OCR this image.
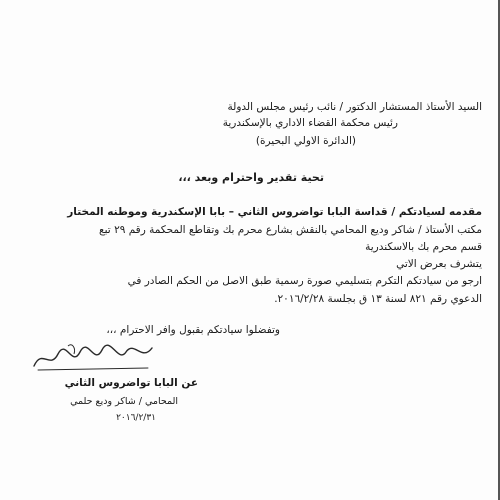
السيد الأستاذ المستشار الدكتور / نائب رئيس مجلس الدولة
رئيس محكمة القضاء الاداري بالإسكندرية
(الدائرة الاولي البحيرة)
تحية تقدير واحترام وبعد ،،،
مقدمه لسيادتكم / قداسة البابا تواضروس الثاني – بابا الإسكندرية وموطنه المختار
مكتب الأستاذ / شاكر وديع المحامي بالنقش بشارع محرم بك وتقاطع المحكمة رقم ٢٩ تبع
قسم محرم بك بالاسكندرية
يتشرف بعرض الاتي
ارجو من سيادتكم التكرم بتسليمي صورة رسمية طبق الاصل من الحكم الصادر في
الدعوي رقم ٨٢١ لسنة ١٣ ق بجلسة ٢٠١٦/٢/٢٨.
وتفضلوا سيادتكم بقبول وافر الاحترام ،،،
عن البابا تواضروس الثاني
المحامي / شاكر وديع حلمي
٢٠١٦/٢/٣١
